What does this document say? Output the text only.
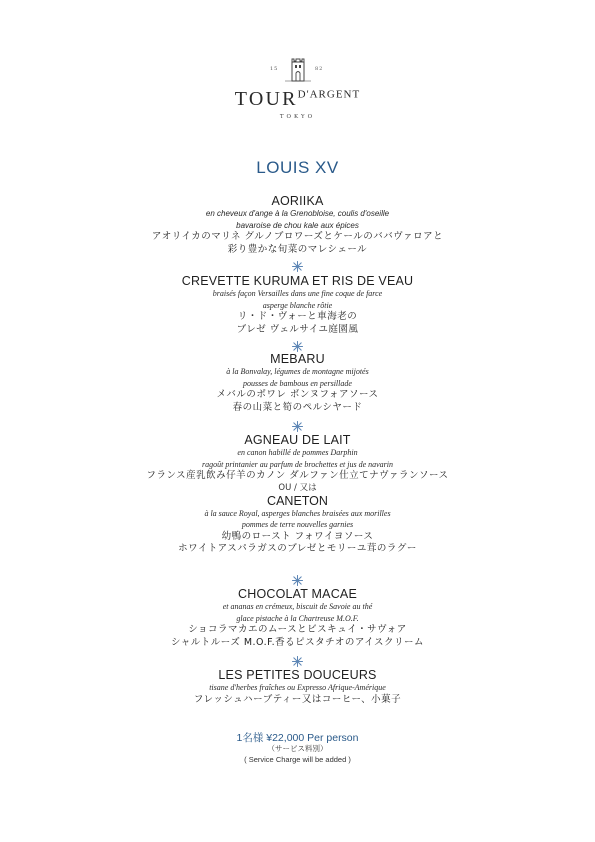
15	82
$TOUR^{D'ARGENT}$
TOKYO
LOUIS XV
AORIIKA
en cheveux d'ange à la Grenobloise, coulis d'oseille
bavaroise de chou kale aux épices
アオリイカのマリネ グルノブロワーズとケールのババヴァロアと
彩り豊かな旬菜のマレシェール
CREVETTE KURUMA ET RIS DE VEAU
braisés façon Versailles dans une fine coque de farce
asperge blanche rôtie
リ・ド・ヴォーと車海老の
ブレゼ ヴェルサイユ庭園風
MEBARU
à la Bonvalay, légumes de montagne mijotés
pousses de bambous en persillade
メバルのボワレ ボンヌフォアソース
春の山菜と筍のペルシヤード
AGNEAU DE LAIT
en canon habillé de pommes Darphin
ragoût printanier au parfum de brochettes et jus de navarin
フランス産乳飲み仔羊のカノン ダルファン仕立てナヴァランソース
OU / 又は
CANETON
à la sauce Royal, asperges blanches braisées aux morilles
pommes de terre nouvelles garnies
幼鴨のロースト フォワイヨソース
ホワイトアスパラガスのブレゼとモリーユ茸のラグー
CHOCOLAT MACAE
et ananas en crémeux, biscuit de Savoie au thé
glace pistache à la Chartreuse M.O.F.
ショコラマカエのムースとビスキュイ・サヴォア
シャルトルーズ M.O.F.香るピスタチオのアイスクリーム
LES PETITES DOUCEURS
tisane d'herbes fraîches ou Expresso Afrique-Amérique
フレッシュハーブティー又はコーヒー、小菓子
1名様 ¥22,000 Per person
（サービス料別）
( Service Charge will be added )
